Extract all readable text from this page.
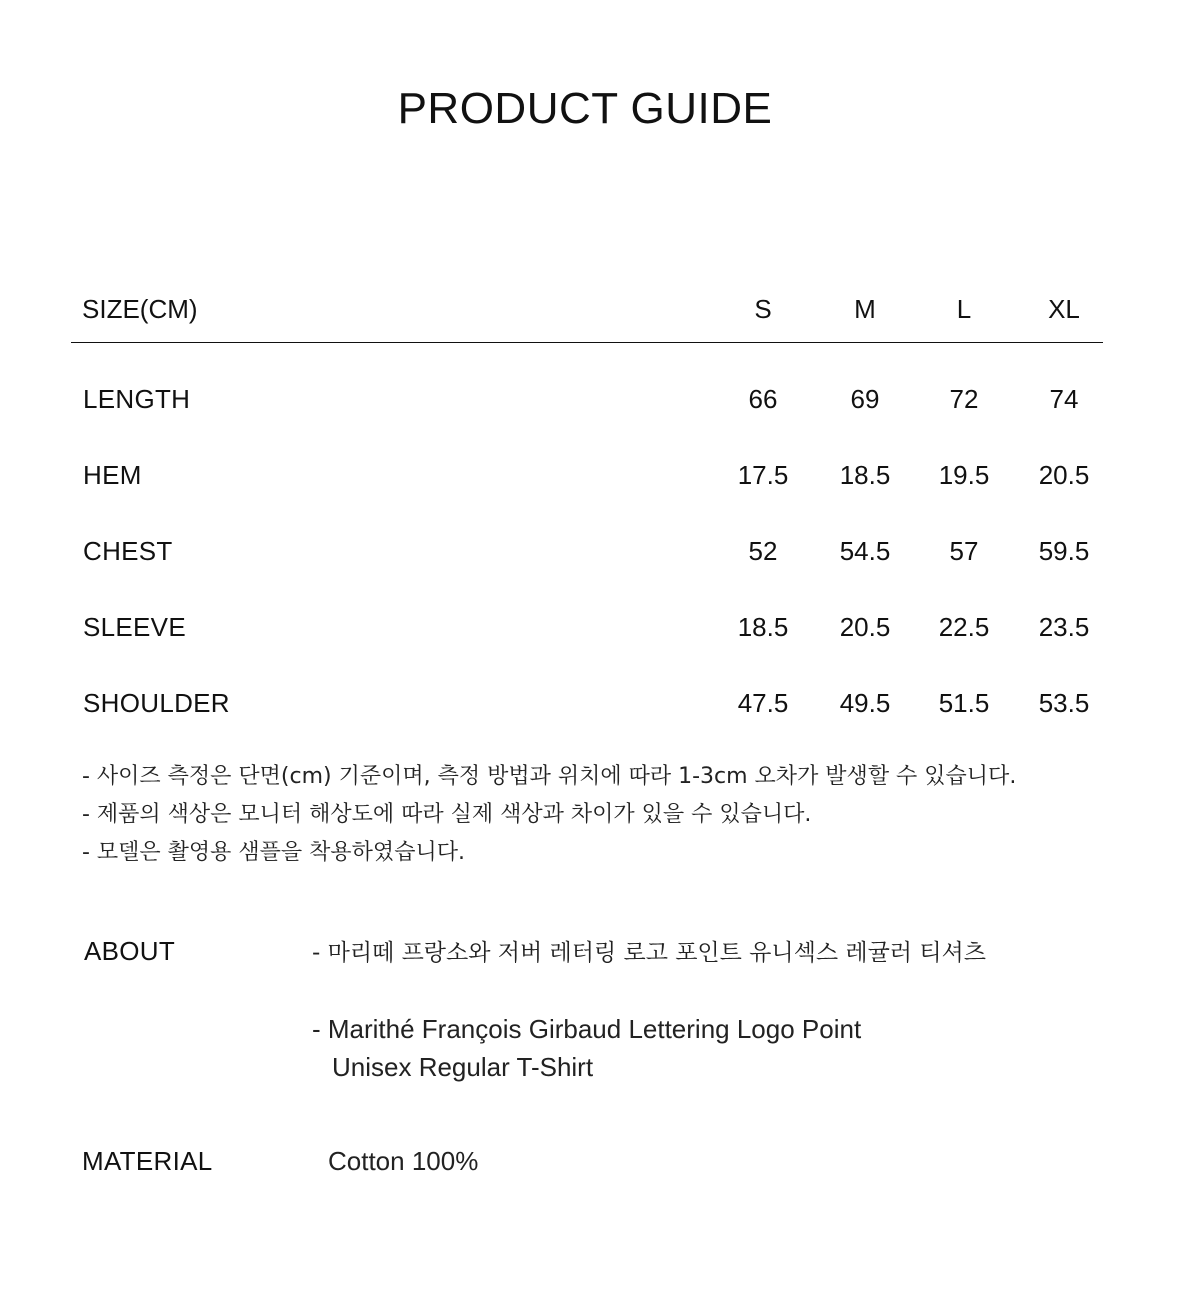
PRODUCT GUIDE
SIZE(CM)	S	M	L	XL
LENGTH	66	69	72	74
HEM	17.5	18.5	19.5	20.5
CHEST	52	54.5	57	59.5
SLEEVE	18.5	20.5	22.5	23.5
SHOULDER	47.5	49.5	51.5	53.5
- 사이즈 측정은 단면(cm) 기준이며, 측정 방법과 위치에 따라 1-3cm 오차가 발생할 수 있습니다.
- 제품의 색상은 모니터 해상도에 따라 실제 색상과 차이가 있을 수 있습니다.
- 모델은 촬영용 샘플을 착용하였습니다.
ABOUT	- 마리떼 프랑소와 저버 레터링 로고 포인트 유니섹스 레귤러 티셔츠
- Marithé François Girbaud Lettering Logo Point
Unisex Regular T-Shirt
MATERIAL	Cotton 100%
